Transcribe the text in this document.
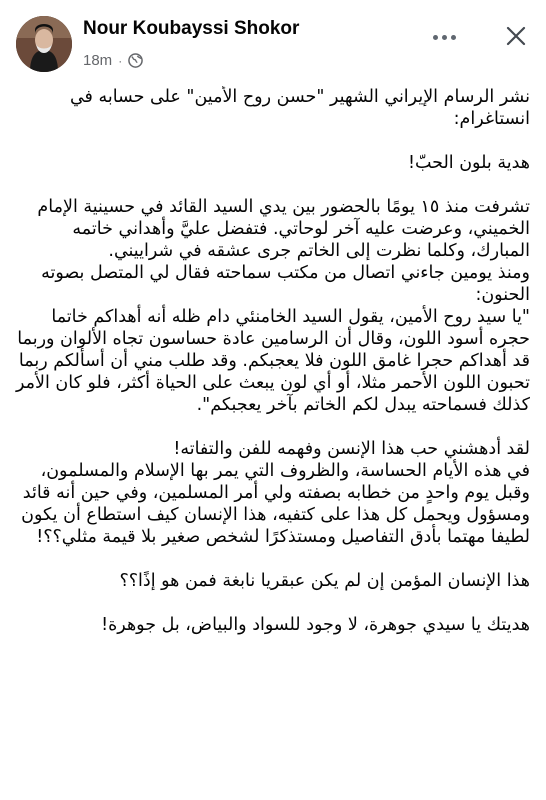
Nour Koubayssi Shokor
18m ·

نشر الرسام الإيراني الشهير "حسن روح الأمين" على حسابه في انستاغرام:

هدية بلون الحبّ!

تشرفت منذ ١٥ يومًا بالحضور بين يدي السيد القائد في حسينية الإمام الخميني، وعرضت عليه آخر لوحاتي. فتفضل عليَّ وأهداني خاتمه المبارك، وكلما نظرت إلى الخاتم جرى عشقه في شراييني.
ومنذ يومين جاءني اتصال من مكتب سماحته فقال لي المتصل بصوته الحنون:
"يا سيد روح الأمين، يقول السيد الخامنئي دام ظله أنه أهداكم خاتما حجره أسود اللون، وقال أن الرسامين عادة حساسون تجاه الألوان وربما قد أهداكم حجرا غامق اللون فلا يعجبكم. وقد طلب مني أن أسألكم ربما تحبون اللون الأحمر مثلا، أو أي لون يبعث على الحياة أكثر، فلو كان الأمر كذلك فسماحته يبدل لكم الخاتم بآخر يعجبكم".

لقد أدهشني حب هذا الإنسن وفهمه للفن والتفاته!
في هذه الأيام الحساسة، والظروف التي يمر بها الإسلام والمسلمون، وقبل يوم واحدٍ من خطابه بصفته ولي أمر المسلمين، وفي حين أنه قائد ومسؤول ويحمل كل هذا على كتفيه، هذا الإنسان كيف استطاع أن يكون لطيفا مهتما بأدق التفاصيل ومستذكرًا لشخص صغير بلا قيمة مثلي؟؟!

هذا الإنسان المؤمن إن لم يكن عبقريا نابغة فمن هو إذًا؟؟

هديتك يا سيدي جوهرة، لا وجود للسواد والبياض، بل جوهرة!
